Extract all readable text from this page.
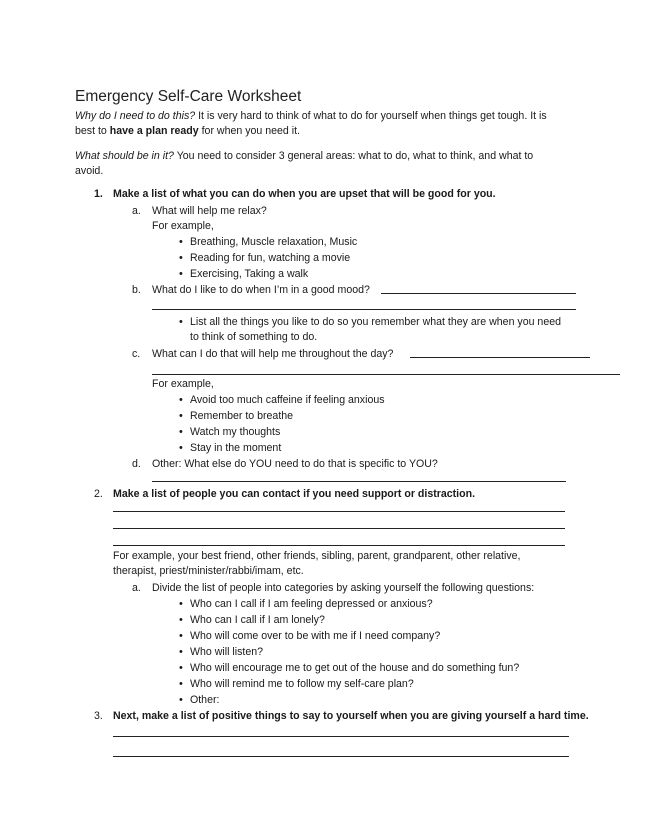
Emergency Self-Care Worksheet
Why do I need to do this? It is very hard to think of what to do for yourself when things get tough. It is
best to have a plan ready for when you need it.
What should be in it? You need to consider 3 general areas: what to do, what to think, and what to
avoid.
1. Make a list of what you can do when you are upset that will be good for you.
a. What will help me relax?
For example,
• Breathing, Muscle relaxation, Music
• Reading for fun, watching a movie
• Exercising, Taking a walk
b. What do I like to do when I’m in a good mood?
• List all the things you like to do so you remember what they are when you need
to think of something to do.
c. What can I do that will help me throughout the day?
For example,
• Avoid too much caffeine if feeling anxious
• Remember to breathe
• Watch my thoughts
• Stay in the moment
d. Other: What else do YOU need to do that is specific to YOU?
2. Make a list of people you can contact if you need support or distraction.
For example, your best friend, other friends, sibling, parent, grandparent, other relative,
therapist, priest/minister/rabbi/imam, etc.
a. Divide the list of people into categories by asking yourself the following questions:
• Who can I call if I am feeling depressed or anxious?
• Who can I call if I am lonely?
• Who will come over to be with me if I need company?
• Who will listen?
• Who will encourage me to get out of the house and do something fun?
• Who will remind me to follow my self-care plan?
• Other:
3. Next, make a list of positive things to say to yourself when you are giving yourself a hard time.
